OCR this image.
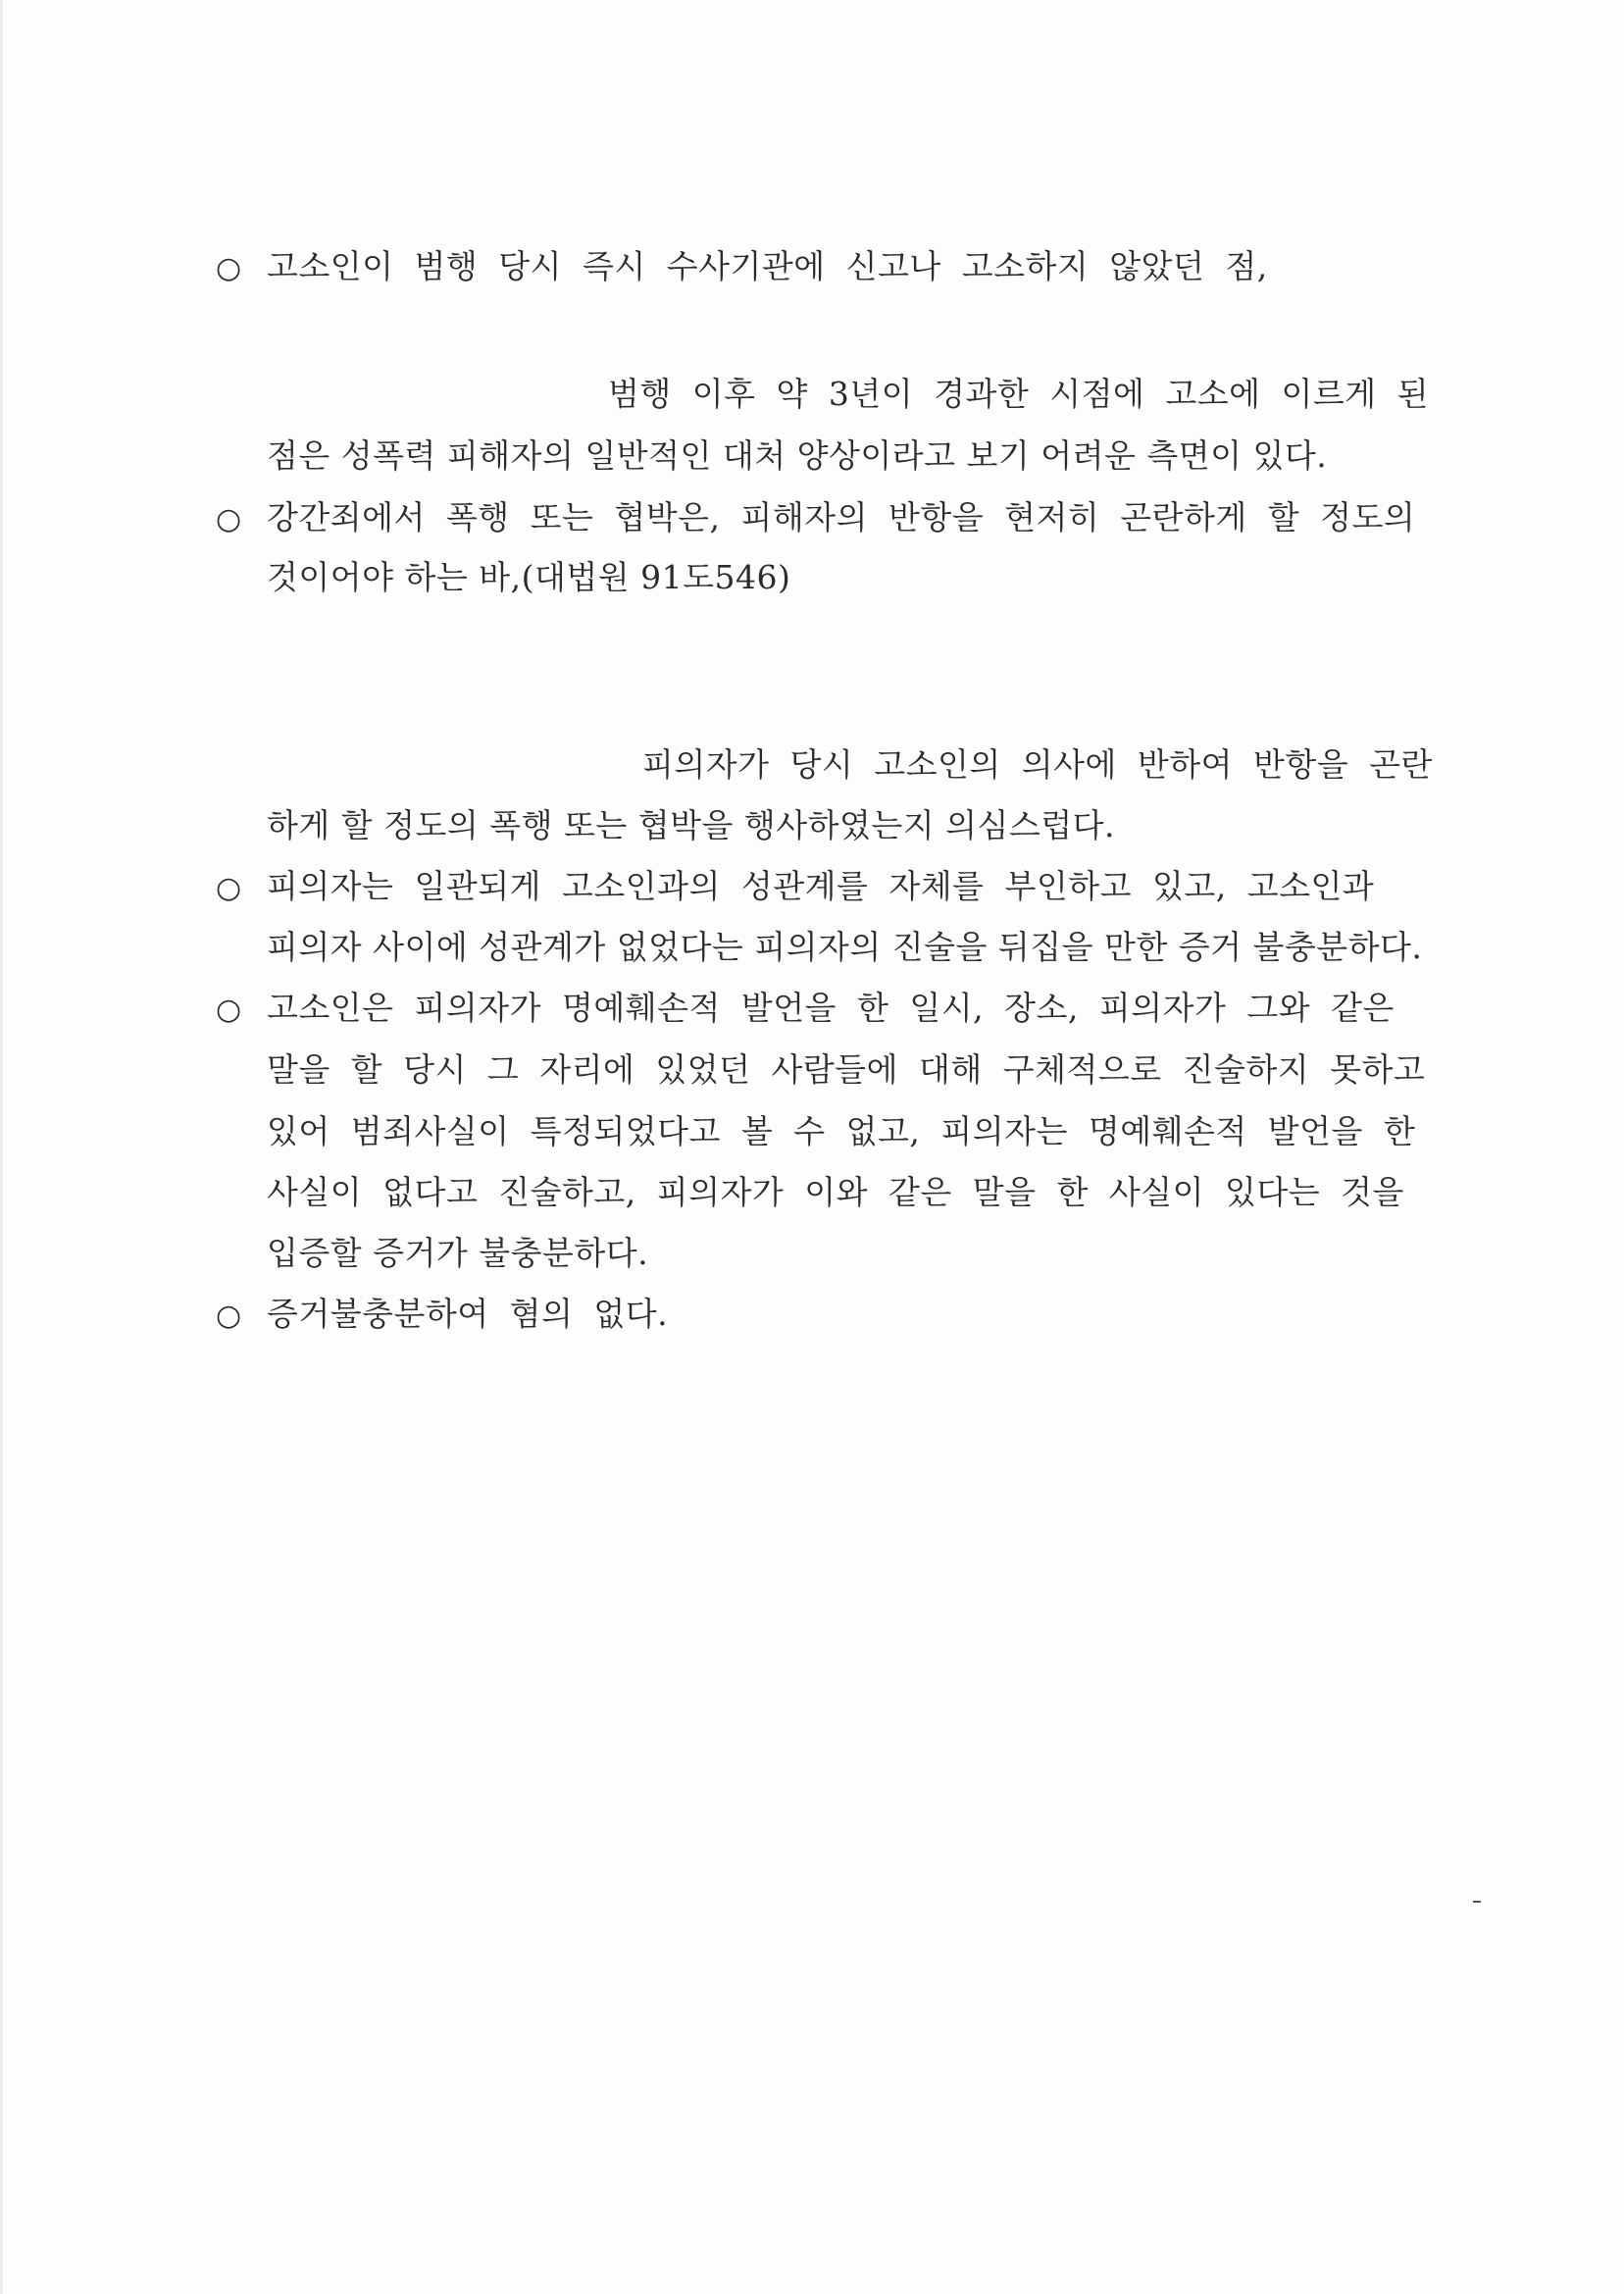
○ 고소인이 범행 당시 즉시 수사기관에 신고나 고소하지 않았던 점,
범행 이후 약 3년이 경과한 시점에 고소에 이르게 된
점은 성폭력 피해자의 일반적인 대처 양상이라고 보기 어려운 측면이 있다.
○ 강간죄에서 폭행 또는 협박은, 피해자의 반항을 현저히 곤란하게 할 정도의
것이어야 하는 바,(대법원 91도546)
피의자가 당시 고소인의 의사에 반하여 반항을 곤란
하게 할 정도의 폭행 또는 협박을 행사하였는지 의심스럽다.
○ 피의자는 일관되게 고소인과의 성관계를 자체를 부인하고 있고, 고소인과
피의자 사이에 성관계가 없었다는 피의자의 진술을 뒤집을 만한 증거 불충분하다.
○ 고소인은 피의자가 명예훼손적 발언을 한 일시, 장소, 피의자가 그와 같은
말을 할 당시 그 자리에 있었던 사람들에 대해 구체적으로 진술하지 못하고
있어 범죄사실이 특정되었다고 볼 수 없고, 피의자는 명예훼손적 발언을 한
사실이 없다고 진술하고, 피의자가 이와 같은 말을 한 사실이 있다는 것을
입증할 증거가 불충분하다.
○ 증거불충분하여 혐의 없다.
